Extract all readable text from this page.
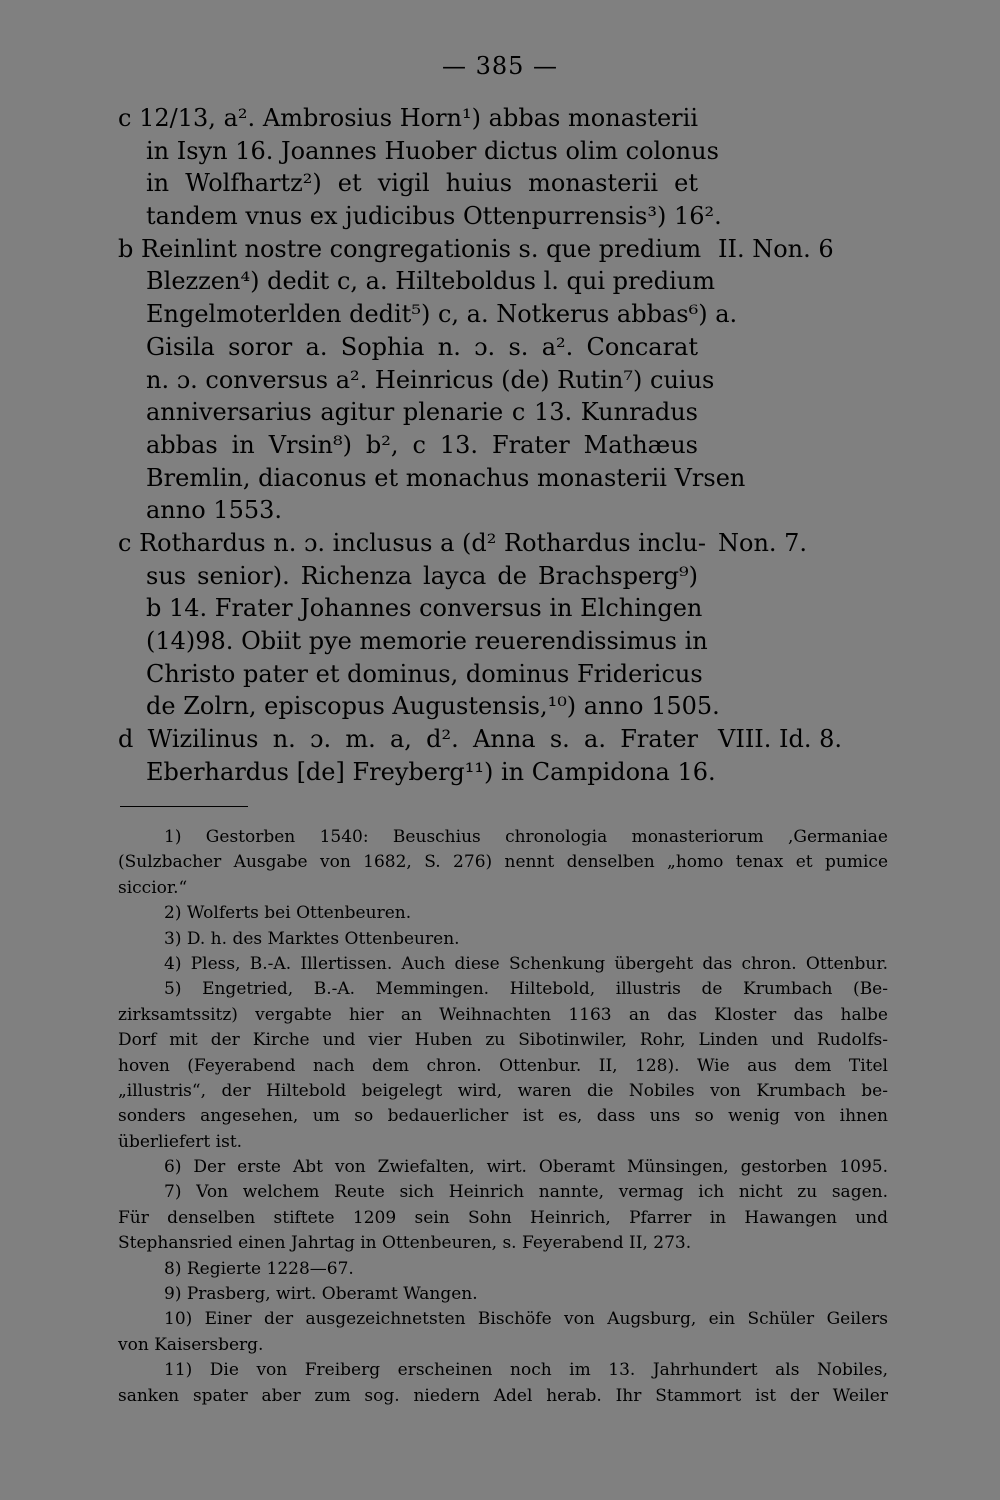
— 385 —
c 12/13, a². Ambrosius Horn¹) abbas monasterii
in Isyn 16. Joannes Huober dictus olim colonus
in Wolfhartz²) et vigil huius monasterii et
tandem vnus ex judicibus Ottenpurrensis³) 16².
b Reinlint nostre congregationis s. que predium II. Non. 6
Blezzen⁴) dedit c, a. Hilteboldus l. qui predium
Engelmoterlden dedit⁵) c, a. Notkerus abbas⁶) a.
Gisila soror a. Sophia n. ɔ. s. a². Concarat
n. ɔ. conversus a². Heinricus (de) Rutin⁷) cuius
anniversarius agitur plenarie c 13. Kunradus
abbas in Vrsin⁸) b², c 13. Frater Mathæus
Bremlin, diaconus et monachus monasterii Vrsen
anno 1553.
c Rothardus n. ɔ. inclusus a (d² Rothardus inclu- Non. 7.
sus senior). Richenza layca de Brachsperg⁹)
b 14. Frater Johannes conversus in Elchingen
(14)98. Obiit pye memorie reuerendissimus in
Christo pater et dominus, dominus Fridericus
de Zolrn, episcopus Augustensis,¹⁰) anno 1505.
d Wizilinus n. ɔ. m. a, d². Anna s. a. Frater VIII. Id. 8.
Eberhardus [de] Freyberg¹¹) in Campidona 16.
1) Gestorben 1540: Beuschius chronologia monasteriorum ,Germaniae
(Sulzbacher Ausgabe von 1682, S. 276) nennt denselben „homo tenax et pumice
siccior.“
2) Wolferts bei Ottenbeuren.
3) D. h. des Marktes Ottenbeuren.
4) Pless, B.-A. Illertissen. Auch diese Schenkung übergeht das chron. Ottenbur.
5) Engetried, B.-A. Memmingen. Hiltebold, illustris de Krumbach (Be-
zirksamtssitz) vergabte hier an Weihnachten 1163 an das Kloster das halbe
Dorf mit der Kirche und vier Huben zu Sibotinwiler, Rohr, Linden und Rudolfs-
hoven (Feyerabend nach dem chron. Ottenbur. II, 128). Wie aus dem Titel
„illustris“, der Hiltebold beigelegt wird, waren die Nobiles von Krumbach be-
sonders angesehen, um so bedauerlicher ist es, dass uns so wenig von ihnen
überliefert ist.
6) Der erste Abt von Zwiefalten, wirt. Oberamt Münsingen, gestorben 1095.
7) Von welchem Reute sich Heinrich nannte, vermag ich nicht zu sagen.
Für denselben stiftete 1209 sein Sohn Heinrich, Pfarrer in Hawangen und
Stephansried einen Jahrtag in Ottenbeuren, s. Feyerabend II, 273.
8) Regierte 1228—67.
9) Prasberg, wirt. Oberamt Wangen.
10) Einer der ausgezeichnetsten Bischöfe von Augsburg, ein Schüler Geilers
von Kaisersberg.
11) Die von Freiberg erscheinen noch im 13. Jahrhundert als Nobiles,
sanken spater aber zum sog. niedern Adel herab. Ihr Stammort ist der Weiler
